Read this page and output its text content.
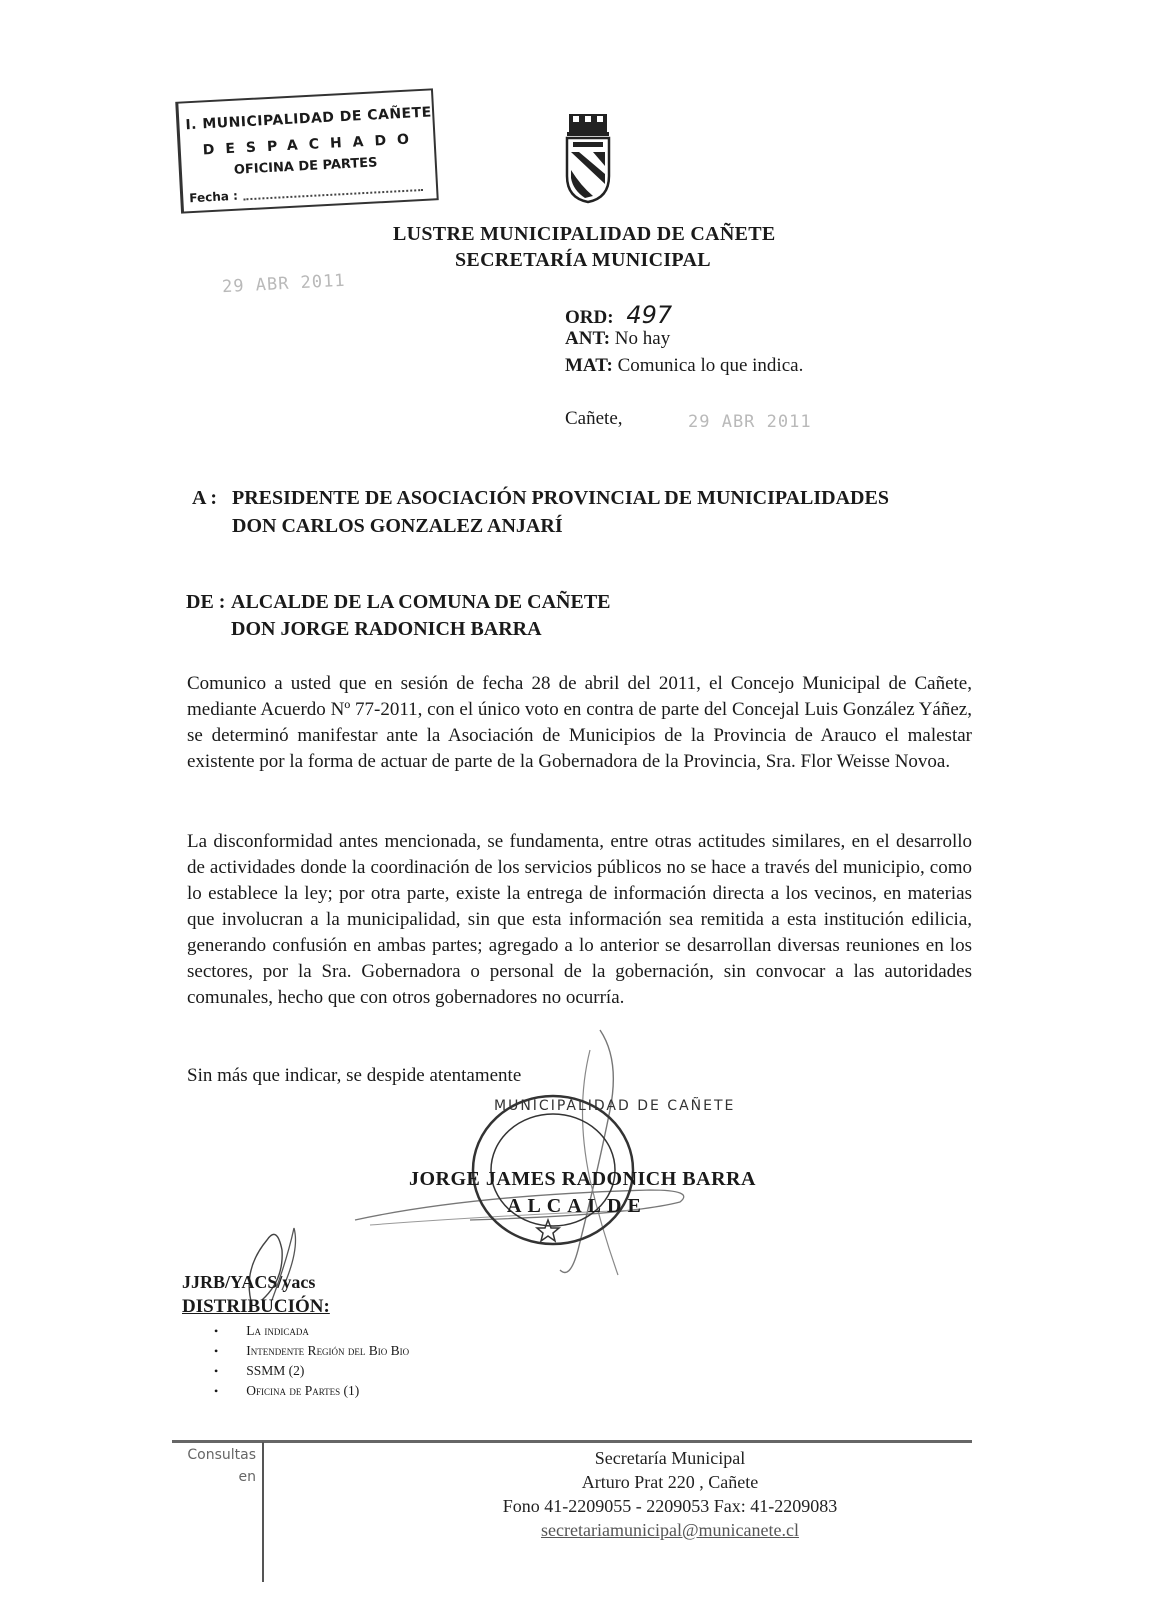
I. MUNICIPALIDAD DE CAÑETE
DESPACHADO
OFICINA DE PARTES
Fecha :
LUSTRE MUNICIPALIDAD DE CAÑETE
SECRETARÍA MUNICIPAL
29 ABR 2011
ORD: 497
ANT: No hay
MAT: Comunica lo que indica.
Cañete,	29 ABR 2011
A : PRESIDENTE DE ASOCIACIÓN PROVINCIAL DE MUNICIPALIDADES
DON CARLOS GONZALEZ ANJARÍ
DE : ALCALDE DE LA COMUNA DE CAÑETE
DON JORGE RADONICH BARRA
Comunico a usted que en sesión de fecha 28 de abril del 2011, el Concejo Municipal de Cañete, mediante Acuerdo Nº 77-2011, con el único voto en contra de parte del Concejal Luis González Yáñez, se determinó manifestar ante la Asociación de Municipios de la Provincia de Arauco el malestar existente por la forma de actuar de parte de la Gobernadora de la Provincia, Sra. Flor Weisse Novoa.
La disconformidad antes mencionada, se fundamenta, entre otras actitudes similares, en el desarrollo de actividades donde la coordinación de los servicios públicos no se hace a través del municipio, como lo establece la ley; por otra parte, existe la entrega de información directa a los vecinos, en materias que involucran a la municipalidad, sin que esta información sea remitida a esta institución edilicia, generando confusión en ambas partes; agregado a lo anterior se desarrollan diversas reuniones en los sectores, por la Sra. Gobernadora o personal de la gobernación, sin convocar a las autoridades comunales, hecho que con otros gobernadores no ocurría.
Sin más que indicar, se despide atentamente
MUNICIPALIDAD DE CAÑETE
JORGE JAMES RADONICH BARRA
ALCALDE
JJRB/YACS/yacs
DISTRIBUCIÓN:
• La indicada
• Intendente Región del Bio Bio
• SSMM (2)
• Oficina de Partes (1)
Consultas
en
Secretaría Municipal
Arturo Prat 220 , Cañete
Fono 41-2209055 - 2209053 Fax: 41-2209083
secretariamunicipal@municanete.cl
